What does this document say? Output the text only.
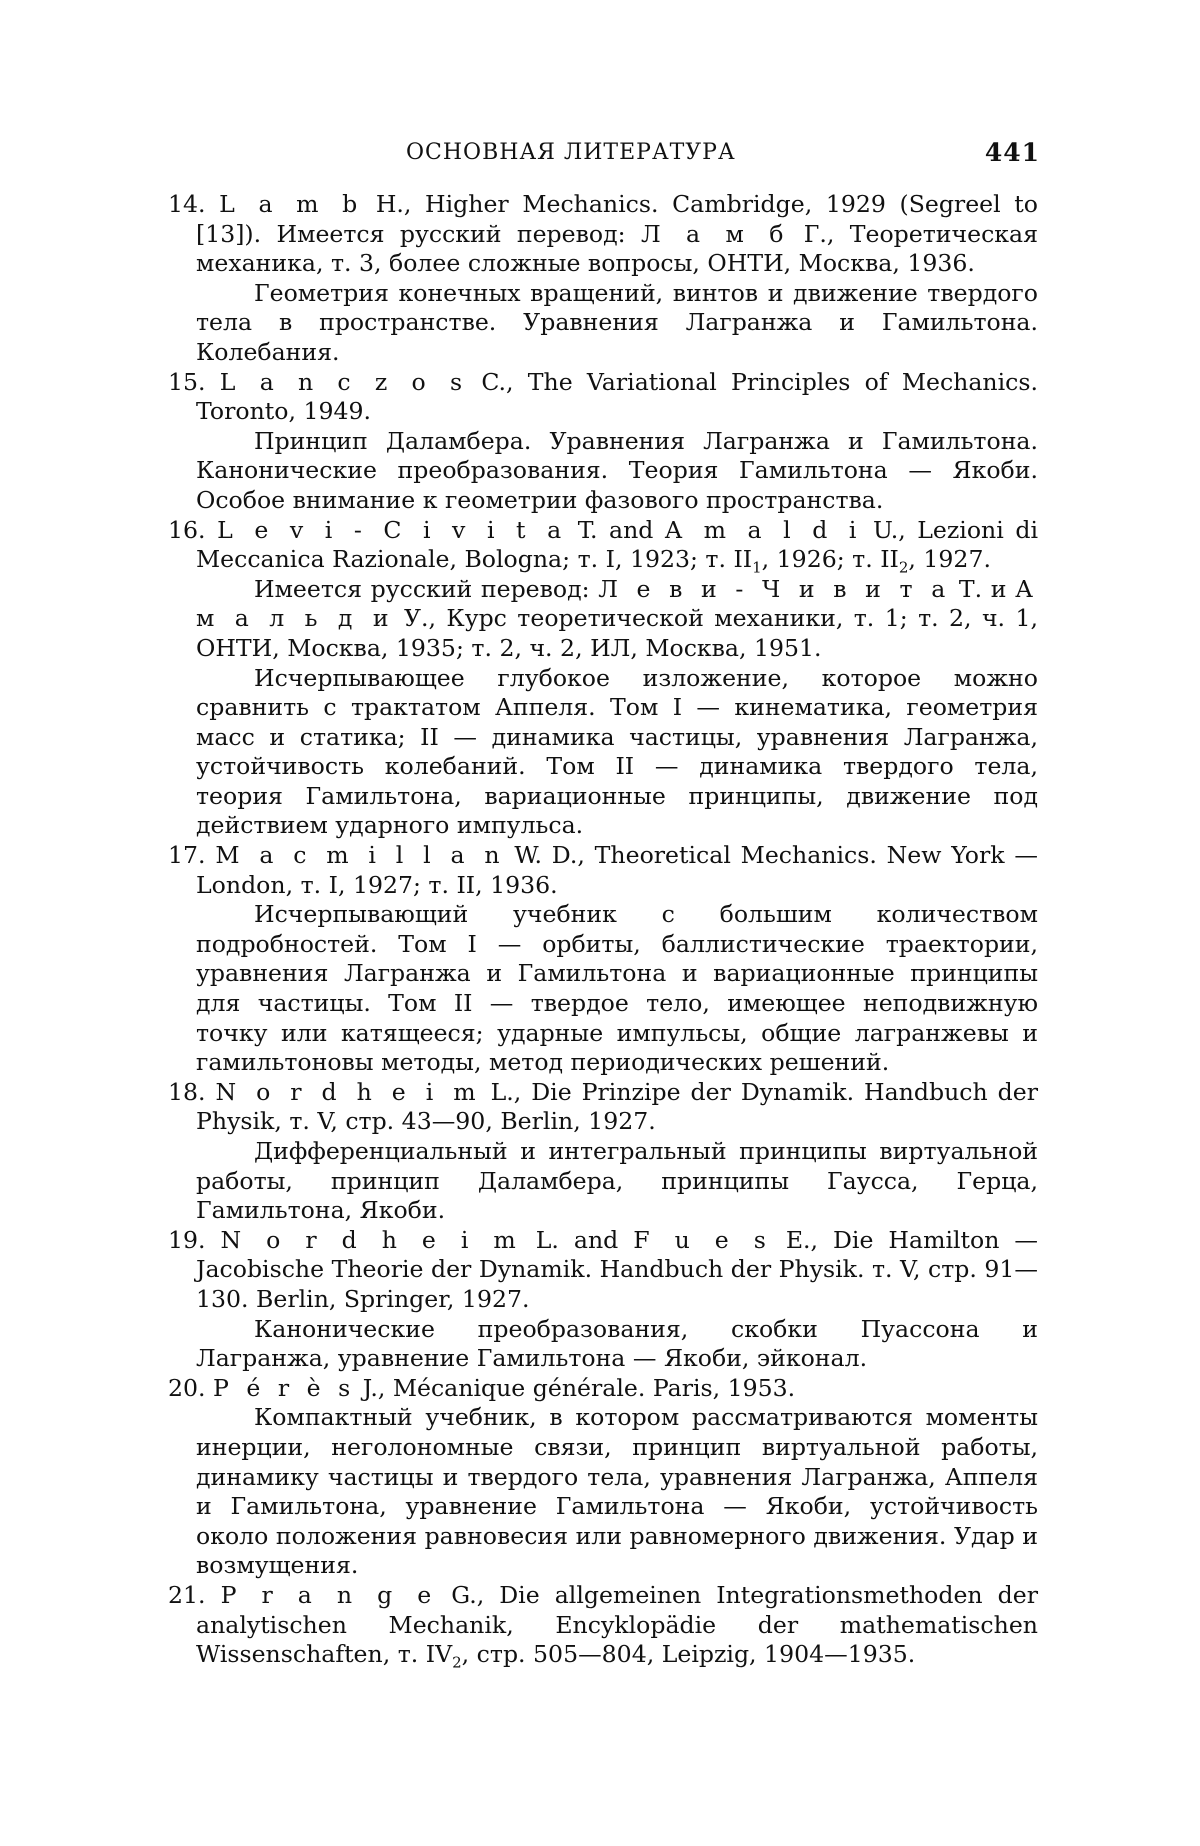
ОСНОВНАЯ ЛИТЕРАТУРА	441
14. L a m b H., Higher Mechanics. Cambridge, 1929 (Segreel to [13]). Имеется русский перевод: Л а м б Г., Теоретическая механика, т. 3, более сложные вопросы, ОНТИ, Москва, 1936.
Геометрия конечных вращений, винтов и движение твердого тела в пространстве. Уравнения Лагранжа и Гамильтона. Колебания.
15. L a n c z o s C., The Variational Principles of Mechanics. Toronto, 1949.
Принцип Даламбера. Уравнения Лагранжа и Гамильтона. Канонические преобразования. Теория Гамильтона — Якоби. Особое внимание к геометрии фазового пространства.
16. L e v i - C i v i t a T. and A m a l d i U., Lezioni di Meccanica Razionale, Bologna; т. I, 1923; т. $II_1$, 1926; т. $II_2$, 1927.
Имеется русский перевод: Л е в и - Ч и в и т а Т. и А м а л ь д и У., Курс теоретической механики, т. 1; т. 2, ч. 1, ОНТИ, Москва, 1935; т. 2, ч. 2, ИЛ, Москва, 1951.
Исчерпывающее глубокое изложение, которое можно сравнить с трактатом Аппеля. Том I — кинематика, геометрия масс и статика; II — динамика частицы, уравнения Лагранжа, устойчивость колебаний. Том II — динамика твердого тела, теория Гамильтона, вариационные принципы, движение под действием ударного импульса.
17. M a c m i l l a n W. D., Theoretical Mechanics. New York — London, т. I, 1927; т. II, 1936.
Исчерпывающий учебник с большим количеством подробностей. Том I — орбиты, баллистические траектории, уравнения Лагранжа и Гамильтона и вариационные принципы для частицы. Том II — твердое тело, имеющее неподвижную точку или катящееся; ударные импульсы, общие лагранжевы и гамильтоновы методы, метод периодических решений.
18. N o r d h e i m L., Die Prinzipe der Dynamik. Handbuch der Physik, т. V, стр. 43—90, Berlin, 1927.
Дифференциальный и интегральный принципы виртуальной работы, принцип Даламбера, принципы Гаусса, Герца, Гамильтона, Якоби.
19. N o r d h e i m L. and F u e s E., Die Hamilton — Jacobische Theorie der Dynamik. Handbuch der Physik. т. V, стр. 91—130. Berlin, Springer, 1927.
Канонические преобразования, скобки Пуассона и Лагранжа, уравнение Гамильтона — Якоби, эйконал.
20. P é r è s J., Mécanique générale. Paris, 1953.
Компактный учебник, в котором рассматриваются моменты инерции, неголономные связи, принцип виртуальной работы, динамику частицы и твердого тела, уравнения Лагранжа, Аппеля и Гамильтона, уравнение Гамильтона — Якоби, устойчивость около положения равновесия или равномерного движения. Удар и возмущения.
21. P r a n g e G., Die allgemeinen Integrationsmethoden der analytischen Mechanik, Encyklopädie der mathematischen Wissenschaften, т. $IV_2$, стр. 505—804, Leipzig, 1904—1935.
